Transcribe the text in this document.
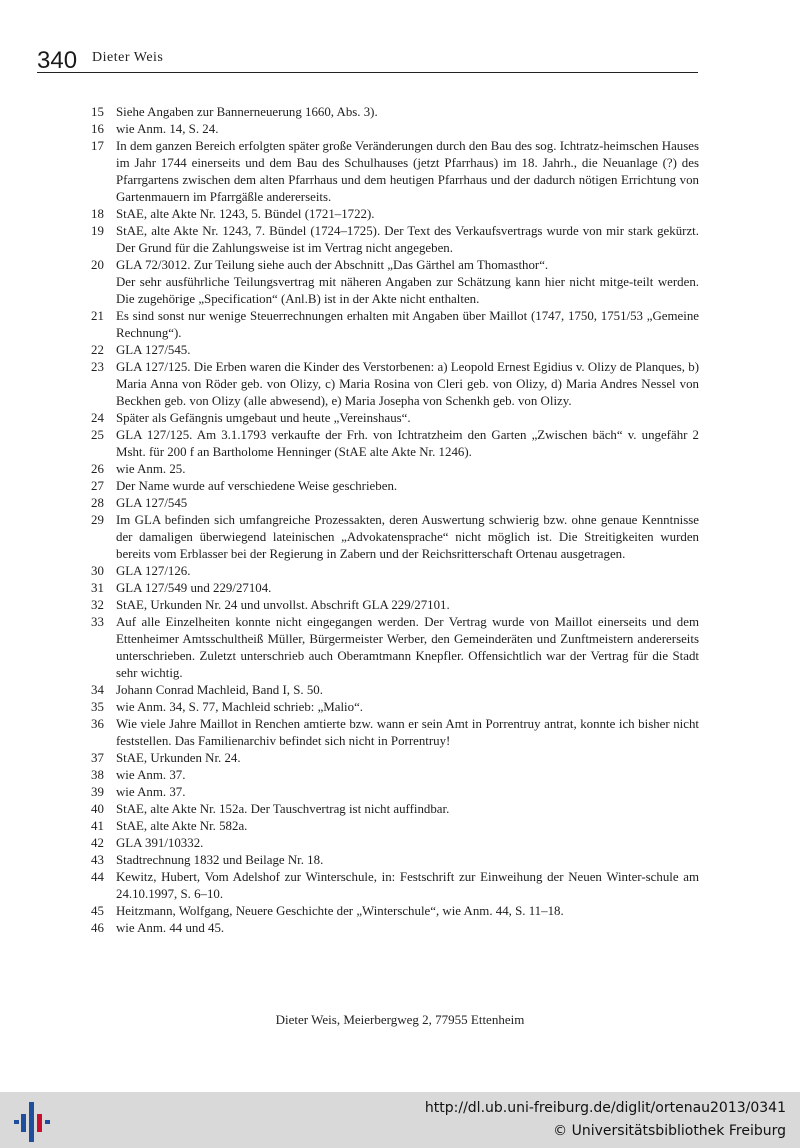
340 Dieter Weis
15 Siehe Angaben zur Bannerneuerung 1660, Abs. 3).
16 wie Anm. 14, S. 24.
17 In dem ganzen Bereich erfolgten später große Veränderungen durch den Bau des sog. Ichtratz-heimschen Hauses im Jahr 1744 einerseits und dem Bau des Schulhauses (jetzt Pfarrhaus) im 18. Jahrh., die Neuanlage (?) des Pfarrgartens zwischen dem alten Pfarrhaus und dem heutigen Pfarrhaus und der dadurch nötigen Errichtung von Gartenmauern im Pfarrgäßle andererseits.
18 StAE, alte Akte Nr. 1243, 5. Bündel (1721–1722).
19 StAE, alte Akte Nr. 1243, 7. Bündel (1724–1725). Der Text des Verkaufsvertrags wurde von mir stark gekürzt. Der Grund für die Zahlungsweise ist im Vertrag nicht angegeben.
20 GLA 72/3012. Zur Teilung siehe auch der Abschnitt „Das Gärthel am Thomasthor“.
Der sehr ausführliche Teilungsvertrag mit näheren Angaben zur Schätzung kann hier nicht mitge-teilt werden. Die zugehörige „Specification“ (Anl.B) ist in der Akte nicht enthalten.
21 Es sind sonst nur wenige Steuerrechnungen erhalten mit Angaben über Maillot (1747, 1750, 1751/53 „Gemeine Rechnung“).
22 GLA 127/545.
23 GLA 127/125. Die Erben waren die Kinder des Verstorbenen: a) Leopold Ernest Egidius v. Olizy de Planques, b) Maria Anna von Röder geb. von Olizy, c) Maria Rosina von Cleri geb. von Olizy, d) Maria Andres Nessel von Beckhen geb. von Olizy (alle abwesend), e) Maria Josepha von Schenkh geb. von Olizy.
24 Später als Gefängnis umgebaut und heute „Vereinshaus“.
25 GLA 127/125. Am 3.1.1793 verkaufte der Frh. von Ichtratzheim den Garten „Zwischen bäch“ v. ungefähr 2 Msht. für 200 f an Bartholome Henninger (StAE alte Akte Nr. 1246).
26 wie Anm. 25.
27 Der Name wurde auf verschiedene Weise geschrieben.
28 GLA 127/545
29 Im GLA befinden sich umfangreiche Prozessakten, deren Auswertung schwierig bzw. ohne genaue Kenntnisse der damaligen überwiegend lateinischen „Advokatensprache“ nicht möglich ist. Die Streitigkeiten wurden bereits vom Erblasser bei der Regierung in Zabern und der Reichsritterschaft Ortenau ausgetragen.
30 GLA 127/126.
31 GLA 127/549 und 229/27104.
32 StAE, Urkunden Nr. 24 und unvollst. Abschrift GLA 229/27101.
33 Auf alle Einzelheiten konnte nicht eingegangen werden. Der Vertrag wurde von Maillot einerseits und dem Ettenheimer Amtsschultheiß Müller, Bürgermeister Werber, den Gemeinderäten und Zunftmeistern andererseits unterschrieben. Zuletzt unterschrieb auch Oberamtmann Knepfler. Offensichtlich war der Vertrag für die Stadt sehr wichtig.
34 Johann Conrad Machleid, Band I, S. 50.
35 wie Anm. 34, S. 77, Machleid schrieb: „Malio“.
36 Wie viele Jahre Maillot in Renchen amtierte bzw. wann er sein Amt in Porrentruy antrat, konnte ich bisher nicht feststellen. Das Familienarchiv befindet sich nicht in Porrentruy!
37 StAE, Urkunden Nr. 24.
38 wie Anm. 37.
39 wie Anm. 37.
40 StAE, alte Akte Nr. 152a. Der Tauschvertrag ist nicht auffindbar.
41 StAE, alte Akte Nr. 582a.
42 GLA 391/10332.
43 Stadtrechnung 1832 und Beilage Nr. 18.
44 Kewitz, Hubert, Vom Adelshof zur Winterschule, in: Festschrift zur Einweihung der Neuen Winter-schule am 24.10.1997, S. 6–10.
45 Heitzmann, Wolfgang, Neuere Geschichte der „Winterschule“, wie Anm. 44, S. 11–18.
46 wie Anm. 44 und 45.
Dieter Weis, Meierbergweg 2, 77955 Ettenheim
http://dl.ub.uni-freiburg.de/diglit/ortenau2013/0341
© Universitätsbibliothek Freiburg
